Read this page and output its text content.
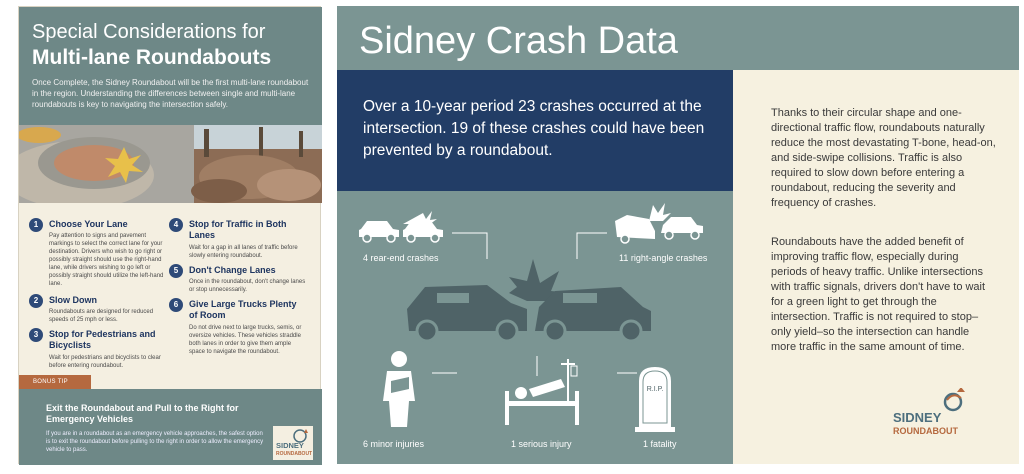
Special Considerations for
Multi-lane Roundabouts
Once Complete, the Sidney Roundabout will be the first multi-lane roundabout in the region. Understanding the differences between single and multi-lane roundabouts is key to navigating the intersection safely.
1	Choose Your Lane
Pay attention to signs and pavement markings to select the correct lane for your destination. Drivers who wish to go right or possibly straight should use the right-hand lane, while drivers wishing to go left or possibly straight should utilize the left-hand lane.
2	Slow Down
Roundabouts are designed for reduced speeds of 25 mph or less.
3	Stop for Pedestrians and Bicyclists
Wait for pedestrians and bicyclists to clear before entering roundabout.
4	Stop for Traffic in Both Lanes
Wait for a gap in all lanes of traffic before slowly entering roundabout.
5	Don't Change Lanes
Once in the roundabout, don't change lanes or stop unnecessarily.
6	Give Large Trucks Plenty of Room
Do not drive next to large trucks, semis, or oversize vehicles. These vehicles straddle both lanes in order to give them ample space to navigate the roundabout.
BONUS TIP
Exit the Roundabout and Pull to the Right for Emergency Vehicles
If you are in a roundabout as an emergency vehicle approaches, the safest option is to exit the roundabout before pulling to the right in order to allow the emergency vehicle to pass.	SIDNEY
ROUNDABOUT
Sidney Crash Data

Over a 10-year period 23 crashes occurred at the intersection. 19 of these crashes could have been prevented by a roundabout.

4 rear-end crashes	11 right-angle crashes
6 minor injuries	1 serious injury
R.I.P.
1 fatality

Thanks to their circular shape and one-directional traffic flow, roundabouts naturally reduce the most devastating T-bone, head-on, and side-swipe collisions. Traffic is also required to slow down before entering a roundabout, reducing the severity and frequency of crashes.

Roundabouts have the added benefit of improving traffic flow, especially during periods of heavy traffic. Unlike intersections with traffic signals, drivers don't have to wait for a green light to get through the intersection. Traffic is not required to stop–only yield–so the intersection can handle more traffic in the same amount of time.

SIDNEY
ROUNDABOUT
